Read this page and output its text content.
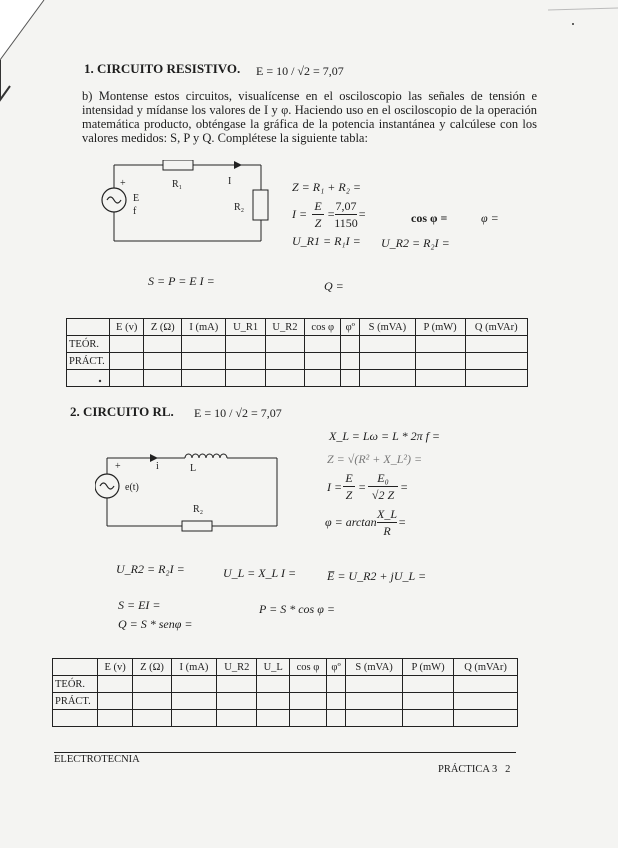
1. CIRCUITO RESISTIVO. E = 10 / √2 = 7,07
b) Montense estos circuitos, visualícense en el osciloscopio las señales de tensión e intensidad y mídanse los valores de I y φ. Haciendo uso en el osciloscopio de la operación matemática producto, obténgase la gráfica de la potencia instantánea y calcúlese con los valores medidos: S, P y Q. Complétese la siguiente tabla:
+
E
f
R₁	I
R₂
Z = R₁ + R₂ =
I =
E
Z
=
7,07
1150
=	cos φ =	φ =
U_R1 = R₁I = U_R2 = R₂I =
S = P = E I =	Q =
	E (v)	Z (Ω)	I (mA)	U_R1	U_R2	cos φ	φº	S (mVA)	P (mW)	Q (mVAr)
TEÓR.										
PRÁCT.										

2. CIRCUITO RL. E = 10 / √2 = 7,07
+	i	L
e(t)
R₂
X_L = Lω = L * 2π f =
Z = √(R² + X_L²) =
I =
E
Z
=
E₀
√2 Z
=
φ = arctan
X_L
R
=
U_R2 = R₂I =	U_L = X_L I =	E̅ = U_R2 + jU_L =
S = EI =	P = S * cos φ =
Q = S * senφ =
	E (v)	Z (Ω)	I (mA)	U_R2	U_L	cos φ	φº	S (mVA)	P (mW)	Q (mVAr)
TEÓR.										
PRÁCT.										

ELECTROTECNIA
PRÁCTICA 3   2
